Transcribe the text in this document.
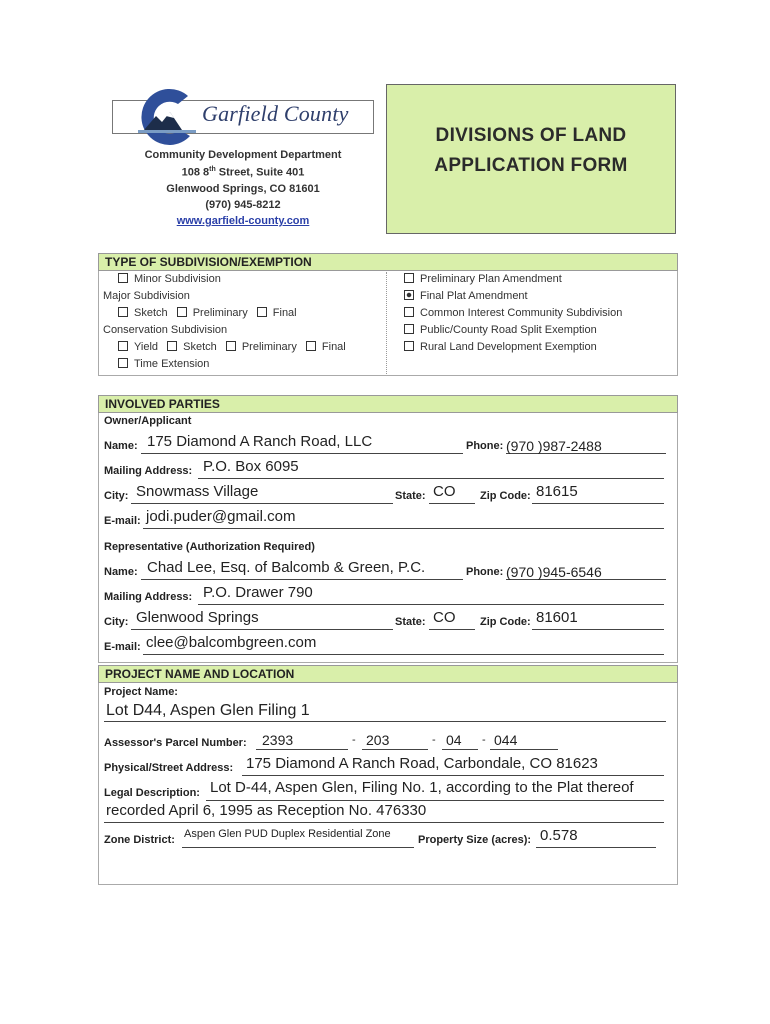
Garfield County
Community Development Department
108 8th Street, Suite 401
Glenwood Springs, CO 81601
(970) 945-8212
www.garfield-county.com
DIVISIONS OF LAND
APPLICATION FORM
TYPE OF SUBDIVISION/EXEMPTION
Minor Subdivision
Major Subdivision
Sketch Preliminary Final
Conservation Subdivision
Yield Sketch Preliminary Final
Time Extension
Preliminary Plan Amendment
Final Plat Amendment
Common Interest Community Subdivision
Public/County Road Split Exemption
Rural Land Development Exemption
INVOLVED PARTIES
Owner/Applicant
Name: 175 Diamond A Ranch Road, LLC	Phone: (970 )987-2488
Mailing Address: P.O. Box 6095
City: Snowmass Village	State: CO Zip Code: 81615
E-mail: jodi.puder@gmail.com
Representative (Authorization Required)
Name: Chad Lee, Esq. of Balcomb & Green, P.C.	Phone: (970 )945-6546
Mailing Address: P.O. Drawer 790
City: Glenwood Springs	State: CO Zip Code: 81601
E-mail: clee@balcombgreen.com
PROJECT NAME AND LOCATION
Project Name:
Lot D44, Aspen Glen Filing 1
Assessor's Parcel Number: 2393	- 203	- 04 - 044
Physical/Street Address: 175 Diamond A Ranch Road, Carbondale, CO 81623
Legal Description: Lot D-44, Aspen Glen, Filing No. 1, according to the Plat thereof
recorded April 6, 1995 as Reception No. 476330
Zone District: Aspen Glen PUD Duplex Residential Zone Property Size (acres): 0.578
